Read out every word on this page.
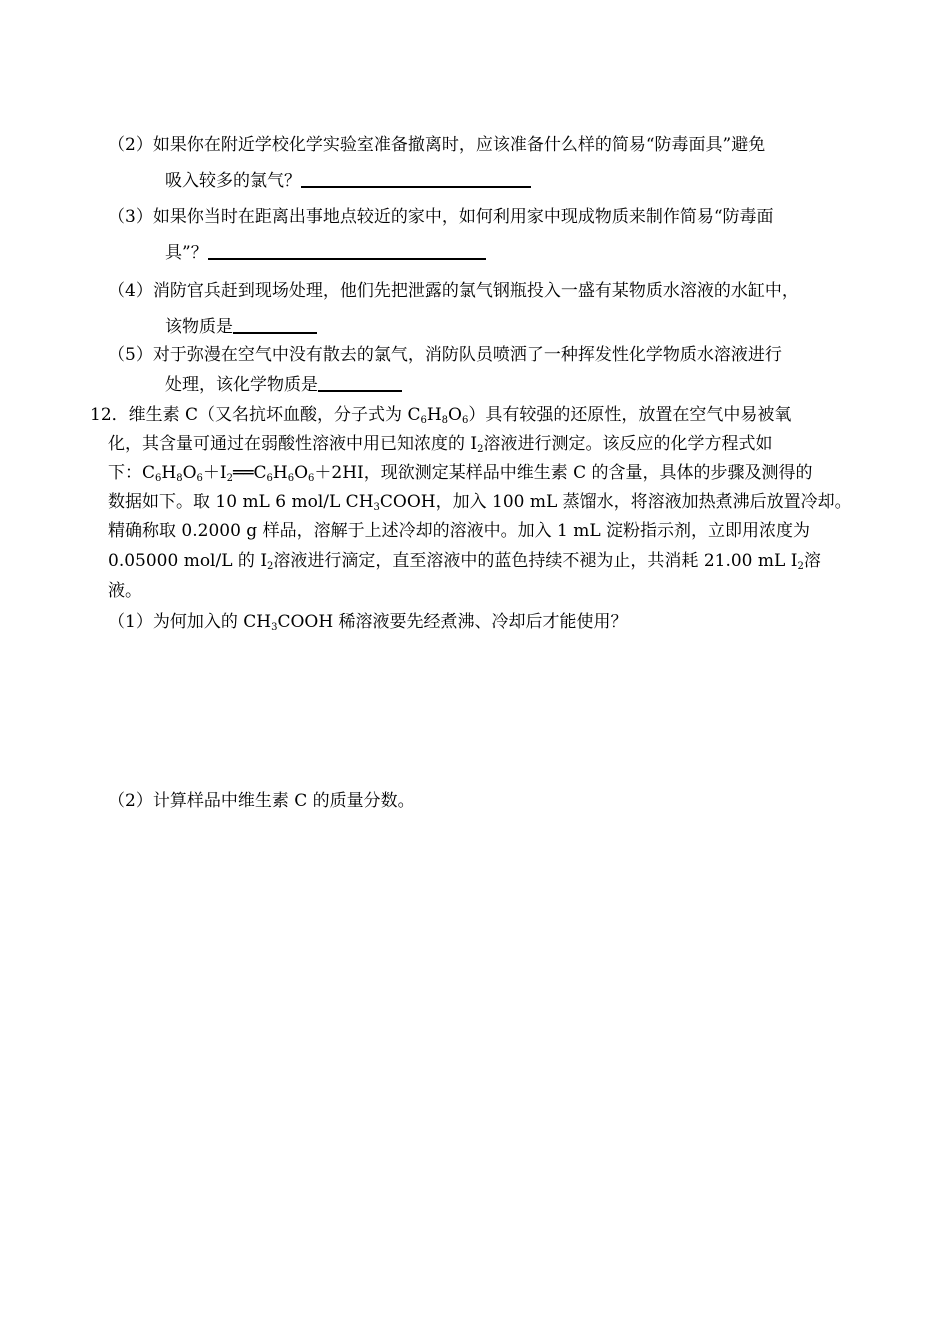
（2）如果你在附近学校化学实验室准备撤离时，应该准备什么样的简易“防毒面具”避免
吸入较多的氯气？
（3）如果你当时在距离出事地点较近的家中，如何利用家中现成物质来制作简易“防毒面
具”？
（4）消防官兵赶到现场处理，他们先把泄露的氯气钢瓶投入一盛有某物质水溶液的水缸中，
该物质是
（5）对于弥漫在空气中没有散去的氯气，消防队员喷洒了一种挥发性化学物质水溶液进行
处理，该化学物质是
12．维生素 C（又名抗坏血酸，分子式为 $C_6H_8O_6$）具有较强的还原性，放置在空气中易被氧
化，其含量可通过在弱酸性溶液中用已知浓度的 $I_2$溶液进行测定。该反应的化学方程式如
下：$C_6H_8O_6+I_2══C_6H_6O_6+2HI$，现欲测定某样品中维生素 C 的含量，具体的步骤及测得的
数据如下。取 10 mL 6 mol/L $CH_3COOH$，加入 100 mL 蒸馏水，将溶液加热煮沸后放置冷却。
精确称取 0.2000 g 样品，溶解于上述冷却的溶液中。加入 1 mL 淀粉指示剂，立即用浓度为
0.05000 mol/L 的 $I_2$溶液进行滴定，直至溶液中的蓝色持续不褪为止，共消耗 21.00 mL $I_2$溶
液。
（1）为何加入的 $CH_3COOH$ 稀溶液要先经煮沸、冷却后才能使用？
（2）计算样品中维生素 C 的质量分数。
